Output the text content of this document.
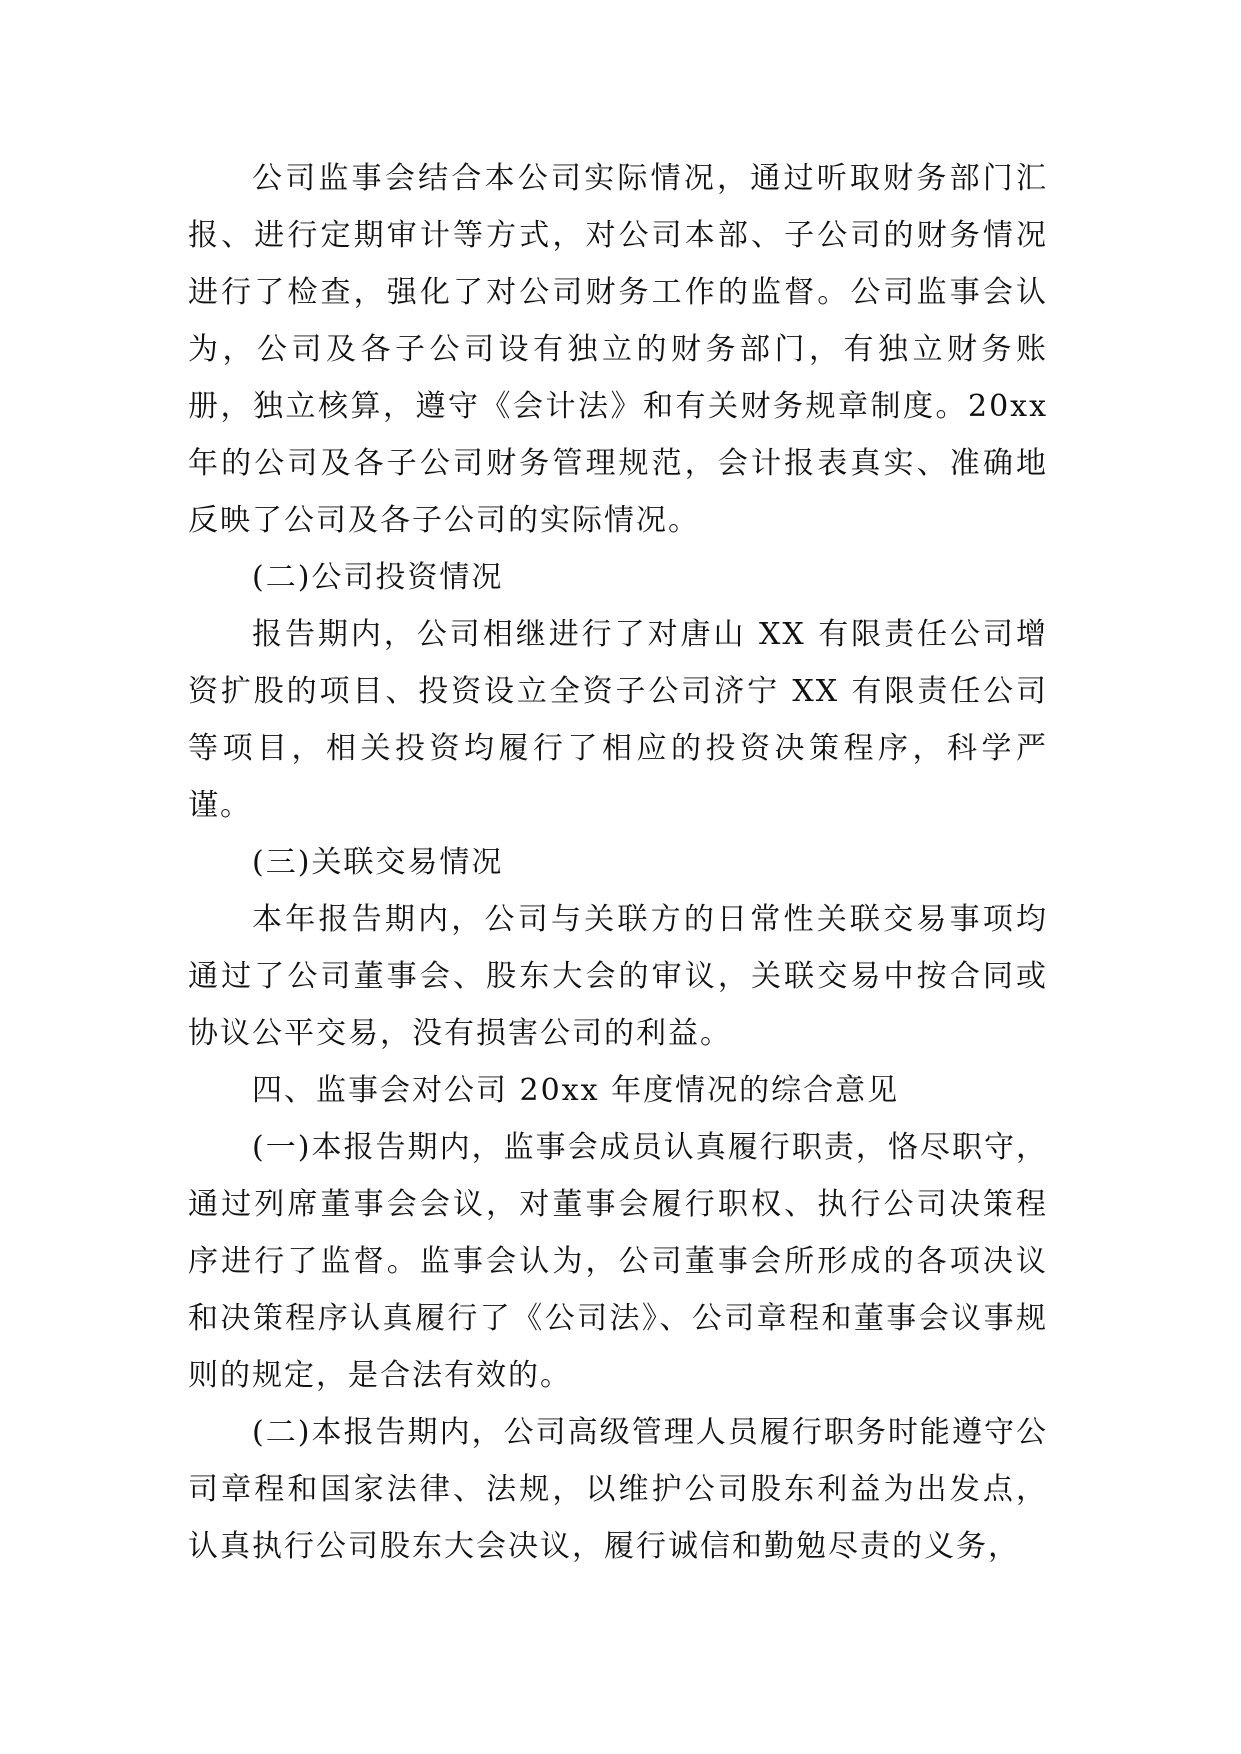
公司监事会结合本公司实际情况，通过听取财务部门汇报、进行定期审计等方式，对公司本部、子公司的财务情况进行了检查，强化了对公司财务工作的监督。公司监事会认为，公司及各子公司设有独立的财务部门，有独立财务账册，独立核算，遵守《会计法》和有关财务规章制度。20xx 年的公司及各子公司财务管理规范，会计报表真实、准确地反映了公司及各子公司的实际情况。

(二)公司投资情况

报告期内，公司相继进行了对唐山 XX 有限责任公司增资扩股的项目、投资设立全资子公司济宁 XX 有限责任公司等项目，相关投资均履行了相应的投资决策程序，科学严谨。

(三)关联交易情况

本年报告期内，公司与关联方的日常性关联交易事项均通过了公司董事会、股东大会的审议，关联交易中按合同或协议公平交易，没有损害公司的利益。

四、监事会对公司 20xx 年度情况的综合意见

(一)本报告期内，监事会成员认真履行职责，恪尽职守，通过列席董事会会议，对董事会履行职权、执行公司决策程序进行了监督。监事会认为，公司董事会所形成的各项决议和决策程序认真履行了《公司法》、公司章程和董事会议事规则的规定，是合法有效的。

(二)本报告期内，公司高级管理人员履行职务时能遵守公司章程和国家法律、法规，以维护公司股东利益为出发点，认真执行公司股东大会决议，履行诚信和勤勉尽责的义务，
